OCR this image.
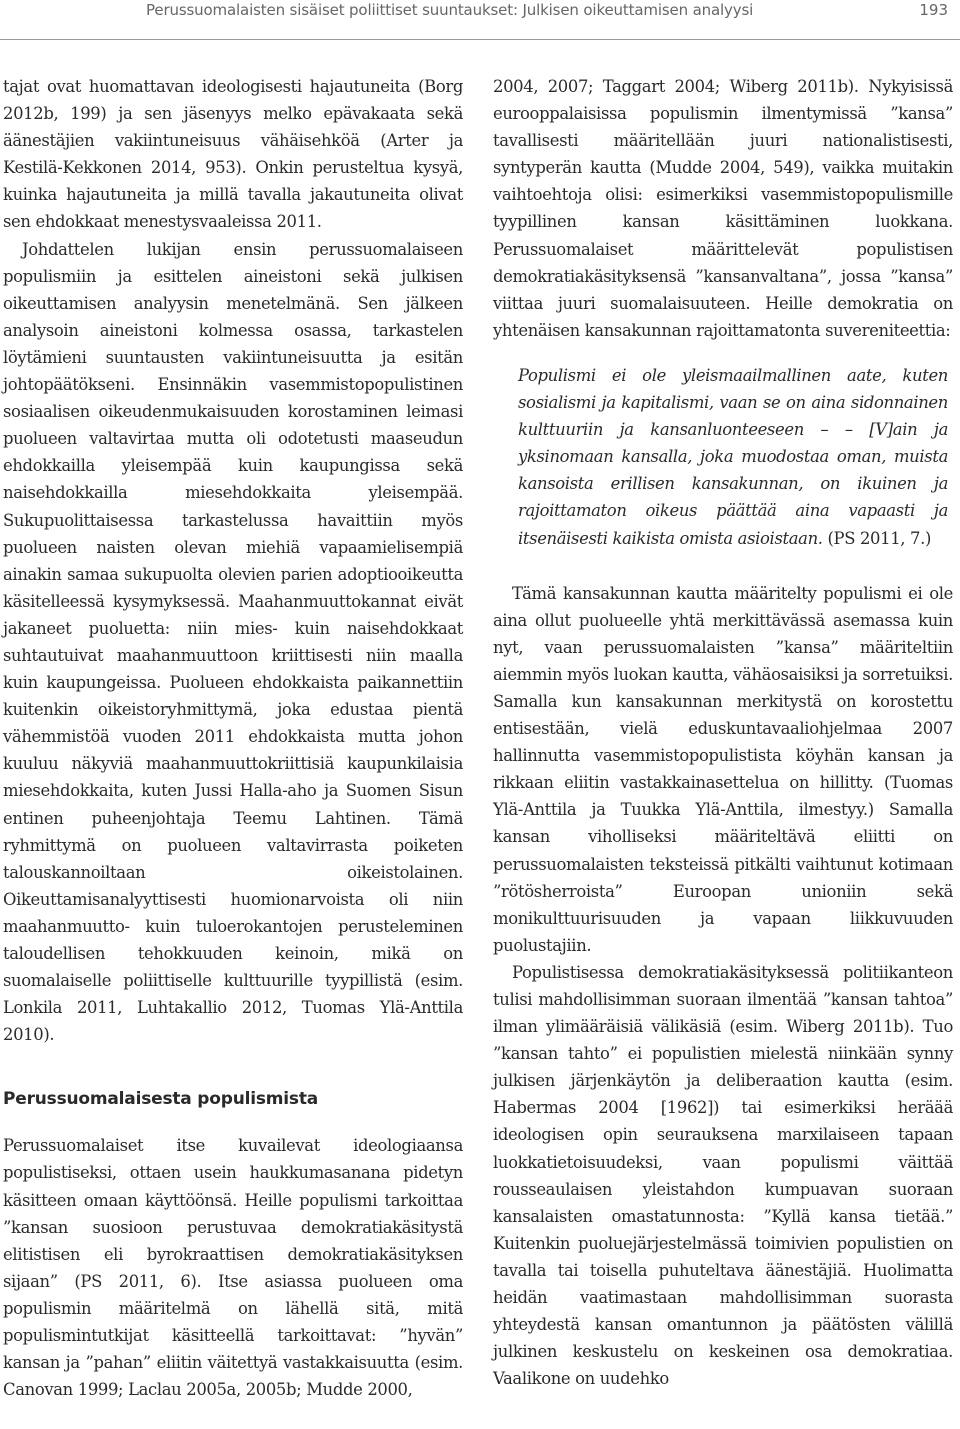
Perussuomalaisten sisäiset poliittiset suuntaukset: Julkisen oikeuttamisen analyysi	193

tajat ovat huomattavan ideologisesti hajautuneita (Borg 2012b, 199) ja sen jäsenyys melko epävakaata sekä äänestäjien vakiintuneisuus vähäisehköä (Arter ja Kestilä-Kekkonen 2014, 953). Onkin perusteltua kysyä, kuinka hajautuneita ja millä tavalla jakautuneita olivat sen ehdokkaat menestysvaaleissa 2011.

Johdattelen lukijan ensin perussuomalaiseen populismiin ja esittelen aineistoni sekä julkisen oikeuttamisen analyysin menetelmänä. Sen jälkeen analysoin aineistoni kolmessa osassa, tarkastelen löytämieni suuntausten vakiintuneisuutta ja esitän johtopäätökseni. Ensinnäkin vasemmistopopulistinen sosiaalisen oikeudenmukaisuuden korostaminen leimasi puolueen valtavirtaa mutta oli odotetusti maaseudun ehdokkailla yleisempää kuin kaupungissa sekä naisehdokkailla miesehdokkaita yleisempää. Sukupuolittaisessa tarkastelussa havaittiin myös puolueen naisten olevan miehiä vapaamielisempiä ainakin samaa sukupuolta olevien parien adoptiooikeutta käsitelleessä kysymyksessä. Maahanmuuttokannat eivät jakaneet puoluetta: niin mies- kuin naisehdokkaat suhtautuivat maahanmuuttoon kriittisesti niin maalla kuin kaupungeissa. Puolueen ehdokkaista paikannettiin kuitenkin oikeistoryhmittymä, joka edustaa pientä vähemmistöä vuoden 2011 ehdokkaista mutta johon kuuluu näkyviä maahanmuuttokriittisiä kaupunkilaisia miesehdokkaita, kuten Jussi Halla-aho ja Suomen Sisun entinen puheenjohtaja Teemu Lahtinen. Tämä ryhmittymä on puolueen valtavirrasta poiketen talouskannoiltaan oikeistolainen. Oikeuttamisanalyyttisesti huomionarvoista oli niin maahanmuutto- kuin tuloerokantojen perusteleminen taloudellisen tehokkuuden keinoin, mikä on suomalaiselle poliittiselle kulttuurille tyypillistä (esim. Lonkila 2011, Luhtakallio 2012, Tuomas Ylä-Anttila 2010).

Perussuomalaisesta populismista

Perussuomalaiset itse kuvailevat ideologiaansa populistiseksi, ottaen usein haukkumasanana pidetyn käsitteen omaan käyttöönsä. Heille populismi tarkoittaa ”kansan suosioon perustuvaa demokratiakäsitystä elitistisen eli byrokraattisen demokratiakäsityksen sijaan” (PS 2011, 6). Itse asiassa puolueen oma populismin määritelmä on lähellä sitä, mitä populismintutkijat käsitteellä tarkoittavat: ”hyvän” kansan ja ”pahan” eliitin väitettyä vastakkaisuutta (esim. Canovan 1999; Laclau 2005a, 2005b; Mudde 2000,

2004, 2007; Taggart 2004; Wiberg 2011b). Nykyisissä eurooppalaisissa populismin ilmentymissä ”kansa” tavallisesti määritellään juuri nationalistisesti, syntyperän kautta (Mudde 2004, 549), vaikka muitakin vaihtoehtoja olisi: esimerkiksi vasemmistopopulismille tyypillinen kansan käsittäminen luokkana. Perussuomalaiset määrittelevät populistisen demokratiakäsityksensä ”kansanvaltana”, jossa ”kansa” viittaa juuri suomalaisuuteen. Heille demokratia on yhtenäisen kansakunnan rajoittamatonta suvereniteettia:

Populismi ei ole yleismaailmallinen aate, kuten sosialismi ja kapitalismi, vaan se on aina sidonnainen kulttuuriin ja kansanluonteeseen – – [V]ain ja yksinomaan kansalla, joka muodostaa oman, muista kansoista erillisen kansakunnan, on ikuinen ja rajoittamaton oikeus päättää aina vapaasti ja itsenäisesti kaikista omista asioistaan. (PS 2011, 7.)

Tämä kansakunnan kautta määritelty populismi ei ole aina ollut puolueelle yhtä merkittävässä asemassa kuin nyt, vaan perussuomalaisten ”kansa” määriteltiin aiemmin myös luokan kautta, vähäosaisiksi ja sorretuiksi. Samalla kun kansakunnan merkitystä on korostettu entisestään, vielä eduskuntavaaliohjelmaa 2007 hallinnutta vasemmistopopulistista köyhän kansan ja rikkaan eliitin vastakkainasettelua on hillitty. (Tuomas Ylä-Anttila ja Tuukka Ylä-Anttila, ilmestyy.) Samalla kansan viholliseksi määriteltävä eliitti on perussuomalaisten teksteissä pitkälti vaihtunut kotimaan ”rötösherroista” Euroopan unioniin sekä monikulttuurisuuden ja vapaan liikkuvuuden puolustajiin.

Populistisessa demokratiakäsityksessä politiikanteon tulisi mahdollisimman suoraan ilmentää ”kansan tahtoa” ilman ylimääräisiä välikäsiä (esim. Wiberg 2011b). Tuo ”kansan tahto” ei populistien mielestä niinkään synny julkisen järjenkäytön ja deliberaation kautta (esim. Habermas 2004 [1962]) tai esimerkiksi heräää ideologisen opin seurauksena marxilaiseen tapaan luokkatietoisuudeksi, vaan populismi väittää rousseaulaisen yleistahdon kumpuavan suoraan kansalaisten omastatunnosta: ”Kyllä kansa tietää.” Kuitenkin puoluejärjestelmässä toimivien populistien on tavalla tai toisella puhuteltava äänestäjiä. Huolimatta heidän vaatimastaan mahdollisimman suorasta yhteydestä kansan omantunnon ja päätösten välillä julkinen keskustelu on keskeinen osa demokratiaa. Vaalikone on uudehko
